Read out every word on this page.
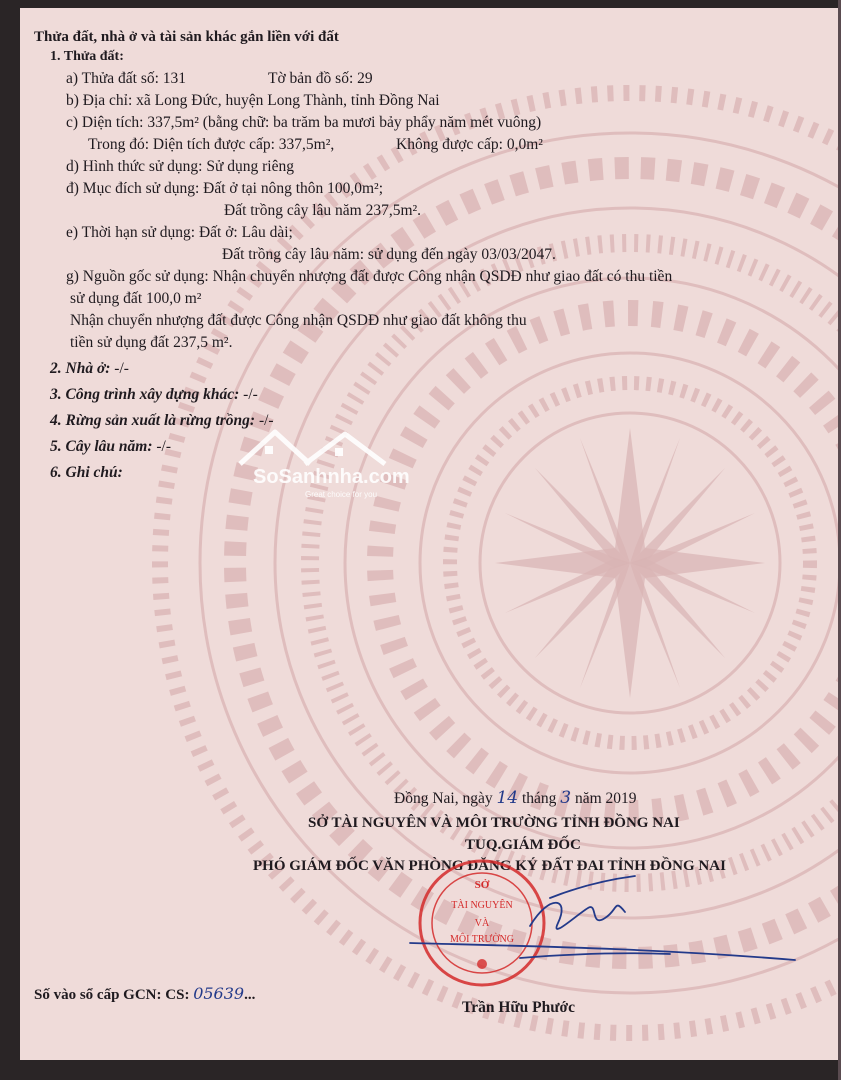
Thửa đất, nhà ở và tài sản khác gắn liền với đất
1. Thửa đất:
a) Thửa đất số: 131	Tờ bản đồ số: 29
b) Địa chỉ: xã Long Đức, huyện Long Thành, tỉnh Đồng Nai
c) Diện tích: 337,5m² (bằng chữ: ba trăm ba mươi bảy phẩy năm mét vuông)
Trong đó: Diện tích được cấp: 337,5m²,	Không được cấp: 0,0m²
d) Hình thức sử dụng: Sử dụng riêng
đ) Mục đích sử dụng: Đất ở tại nông thôn 100,0m²;
Đất trồng cây lâu năm 237,5m².
e) Thời hạn sử dụng: Đất ở: Lâu dài;
Đất trồng cây lâu năm: sử dụng đến ngày 03/03/2047.
g) Nguồn gốc sử dụng: Nhận chuyển nhượng đất được Công nhận QSDĐ như giao đất có thu tiền
sử dụng đất 100,0 m²
Nhận chuyển nhượng đất được Công nhận QSDĐ như giao đất không thu
tiền sử dụng đất 237,5 m².
2. Nhà ở: -/-
3. Công trình xây dựng khác: -/-
4. Rừng sản xuất là rừng trồng: -/-
5. Cây lâu năm: -/-
6. Ghi chú:	SoSanhnha.com
Great choice for you
Đồng Nai, ngày 14 tháng 3 năm 2019
SỞ TÀI NGUYÊN VÀ MÔI TRƯỜNG TỈNH ĐỒNG NAI
TUQ.GIÁM ĐỐC
PHÓ GIÁM ĐỐC VĂN PHÒNG ĐĂNG KÝ ĐẤT ĐAI TỈNH ĐỒNG NAI
SỞ
TÀI NGUYÊN
VÀ
MÔI TRƯỜNG
Số vào sổ cấp GCN: CS: 05639...
Trần Hữu Phước
